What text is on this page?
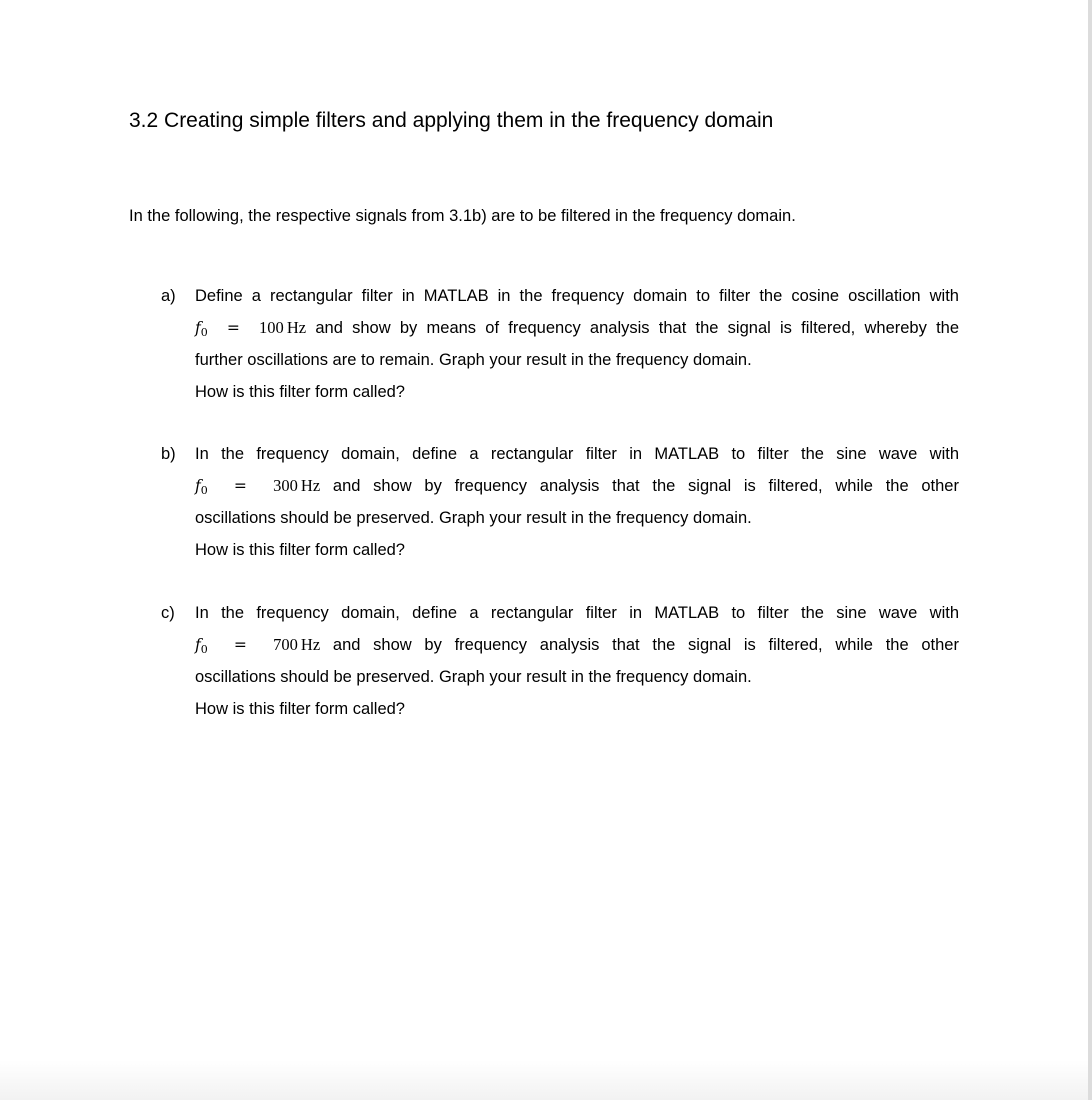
3.2 Creating simple filters and applying them in the frequency domain
In the following, the respective signals from 3.1b) are to be filtered in the frequency domain.
a) Define a rectangular filter in MATLAB in the frequency domain to filter the cosine oscillation with
$f_0 = 100$  Hz and show by means of frequency analysis that the signal is filtered, whereby the
further oscillations are to remain. Graph your result in the frequency domain.
How is this filter form called?
b) In the frequency domain, define a rectangular filter in MATLAB to filter the sine wave with
$f_0 = 300$  Hz and show by frequency analysis that the signal is filtered, while the other
oscillations should be preserved. Graph your result in the frequency domain.
How is this filter form called?
c) In the frequency domain, define a rectangular filter in MATLAB to filter the sine wave with
$f_0 = 700$  Hz and show by frequency analysis that the signal is filtered, while the other
oscillations should be preserved. Graph your result in the frequency domain.
How is this filter form called?
